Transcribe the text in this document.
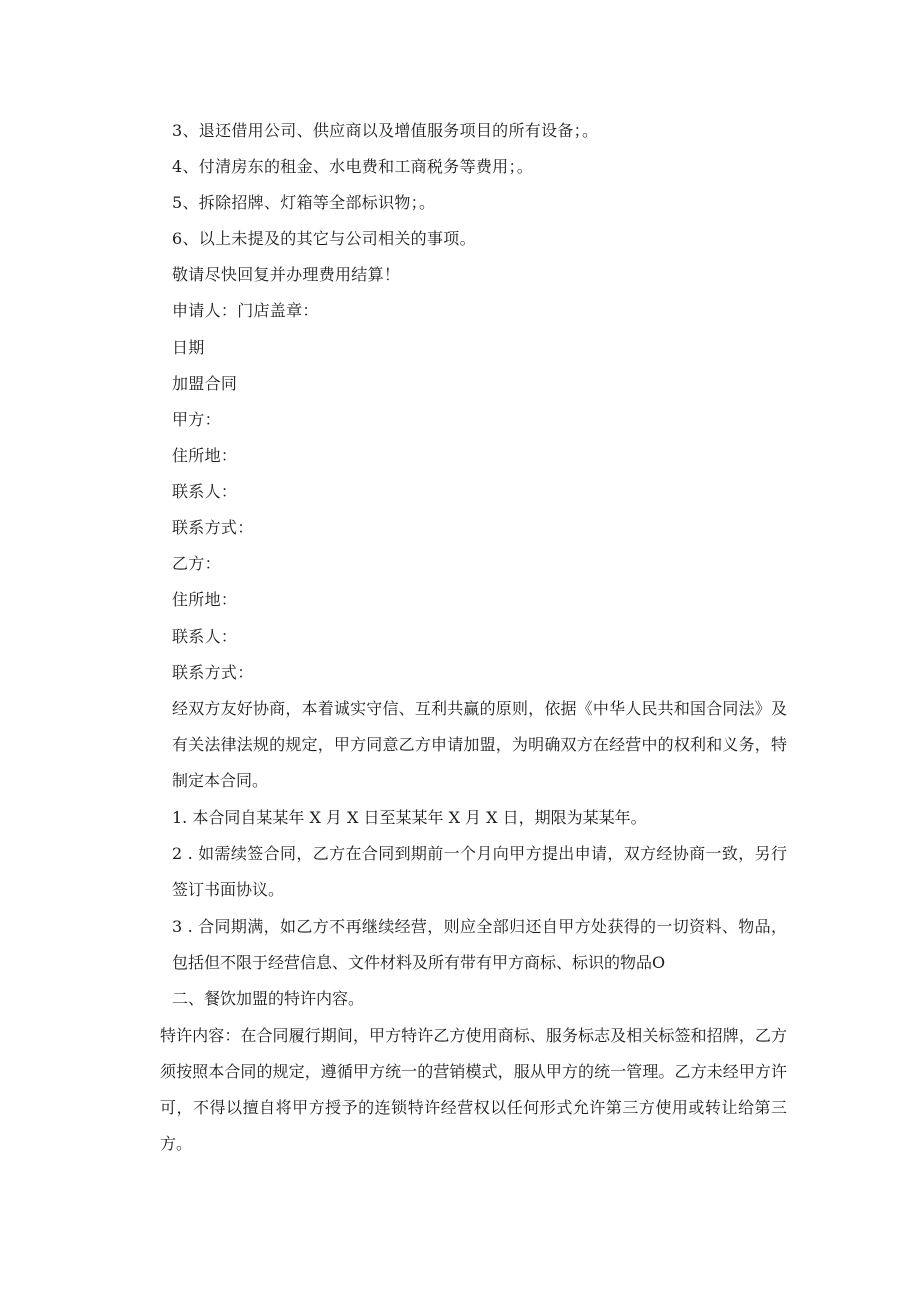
3、退还借用公司、供应商以及增值服务项目的所有设备；。
4、付清房东的租金、水电费和工商税务等费用；。
5、拆除招牌、灯箱等全部标识物；。
6、以上未提及的其它与公司相关的事项。
敬请尽快回复并办理费用结算！
申请人：门店盖章：
日期
加盟合同
甲方：
住所地：
联系人：
联系方式：
乙方：
住所地：
联系人：
联系方式：
经双方友好协商，本着诚实守信、互利共赢的原则，依据《中华人民共和国合同法》及有关法律法规的规定，甲方同意乙方申请加盟，为明确双方在经营中的权利和义务，特制定本合同。
1. 本合同自某某年 X 月 X 日至某某年 X 月 X 日，期限为某某年。
2 . 如需续签合同，乙方在合同到期前一个月向甲方提出申请，双方经协商一致，另行签订书面协议。
3 . 合同期满，如乙方不再继续经营，则应全部归还自甲方处获得的一切资料、物品，包括但不限于经营信息、文件材料及所有带有甲方商标、标识的物品O
二、餐饮加盟的特许内容。
特许内容：在合同履行期间，甲方特许乙方使用商标、服务标志及相关标签和招牌，乙方须按照本合同的规定，遵循甲方统一的营销模式，服从甲方的统一管理。乙方未经甲方许可，不得以擅自将甲方授予的连锁特许经营权以任何形式允许第三方使用或转让给第三方。
